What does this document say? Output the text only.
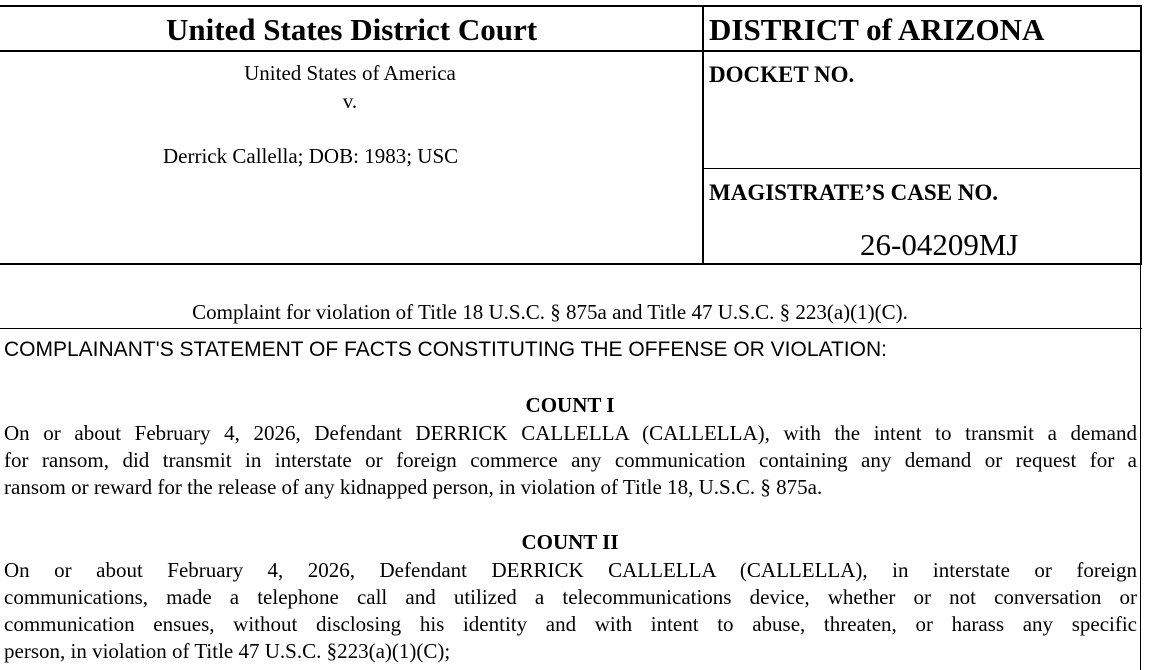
United States District Court	DISTRICT of ARIZONA
United States of America
v.
Derrick Callella; DOB: 1983; USC
DOCKET NO.
MAGISTRATE’S CASE NO.
26-04209MJ
Complaint for violation of Title 18 U.S.C. § 875a and Title 47 U.S.C. § 223(a)(1)(C).
COMPLAINANT'S STATEMENT OF FACTS CONSTITUTING THE OFFENSE OR VIOLATION:
COUNT I

On or about February 4, 2026, Defendant DERRICK CALLELLA (CALLELLA), with the intent to transmit a demand
for ransom, did transmit in interstate or foreign commerce any communication containing any demand or request for a
ransom or reward for the release of any kidnapped person, in violation of Title 18, U.S.C. § 875a.

COUNT II

On or about February 4, 2026, Defendant DERRICK CALLELLA (CALLELLA), in interstate or foreign
communications, made a telephone call and utilized a telecommunications device, whether or not conversation or
communication ensues, without disclosing his identity and with intent to abuse, threaten, or harass any specific
person, in violation of Title 47 U.S.C. §223(a)(1)(C);
